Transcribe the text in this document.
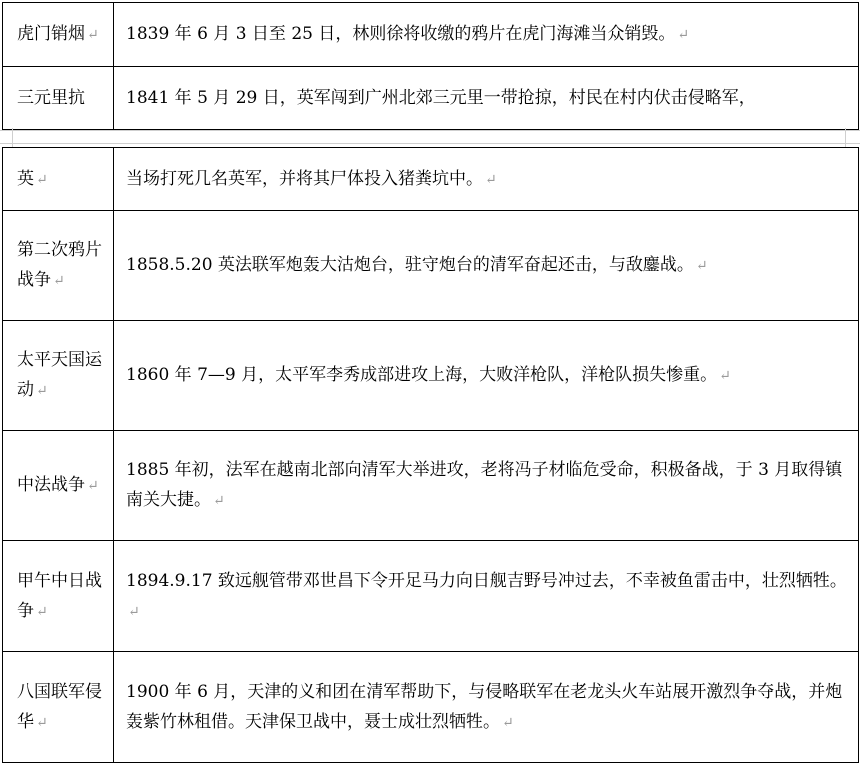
虎门销烟 ↵	1839 年 6 月 3 日至 25 日，林则徐将收缴的鸦片在虎门海滩当众销毁。 ↵
三元里抗	1841 年 5 月 29 日，英军闯到广州北郊三元里一带抢掠，村民在村内伏击侵略军，
英 ↵	当场打死几名英军，并将其尸体投入猪粪坑中。 ↵
第二次鸦片战争 ↵	1858.5.20 英法联军炮轰大沽炮台，驻守炮台的清军奋起还击，与敌鏖战。 ↵
太平天国运动 ↵	1860 年 7—9 月，太平军李秀成部进攻上海，大败洋枪队，洋枪队损失惨重。 ↵
中法战争 ↵	1885 年初，法军在越南北部向清军大举进攻，老将冯子材临危受命，积极备战，于 3 月取得镇南关大捷。 ↵
甲午中日战争 ↵	1894.9.17 致远舰管带邓世昌下令开足马力向日舰吉野号冲过去，不幸被鱼雷击中，壮烈牺牲。↵
八国联军侵华 ↵	1900 年 6 月，天津的义和团在清军帮助下，与侵略联军在老龙头火车站展开激烈争夺战，并炮轰紫竹林租借。天津保卫战中，聂士成壮烈牺牲。 ↵
